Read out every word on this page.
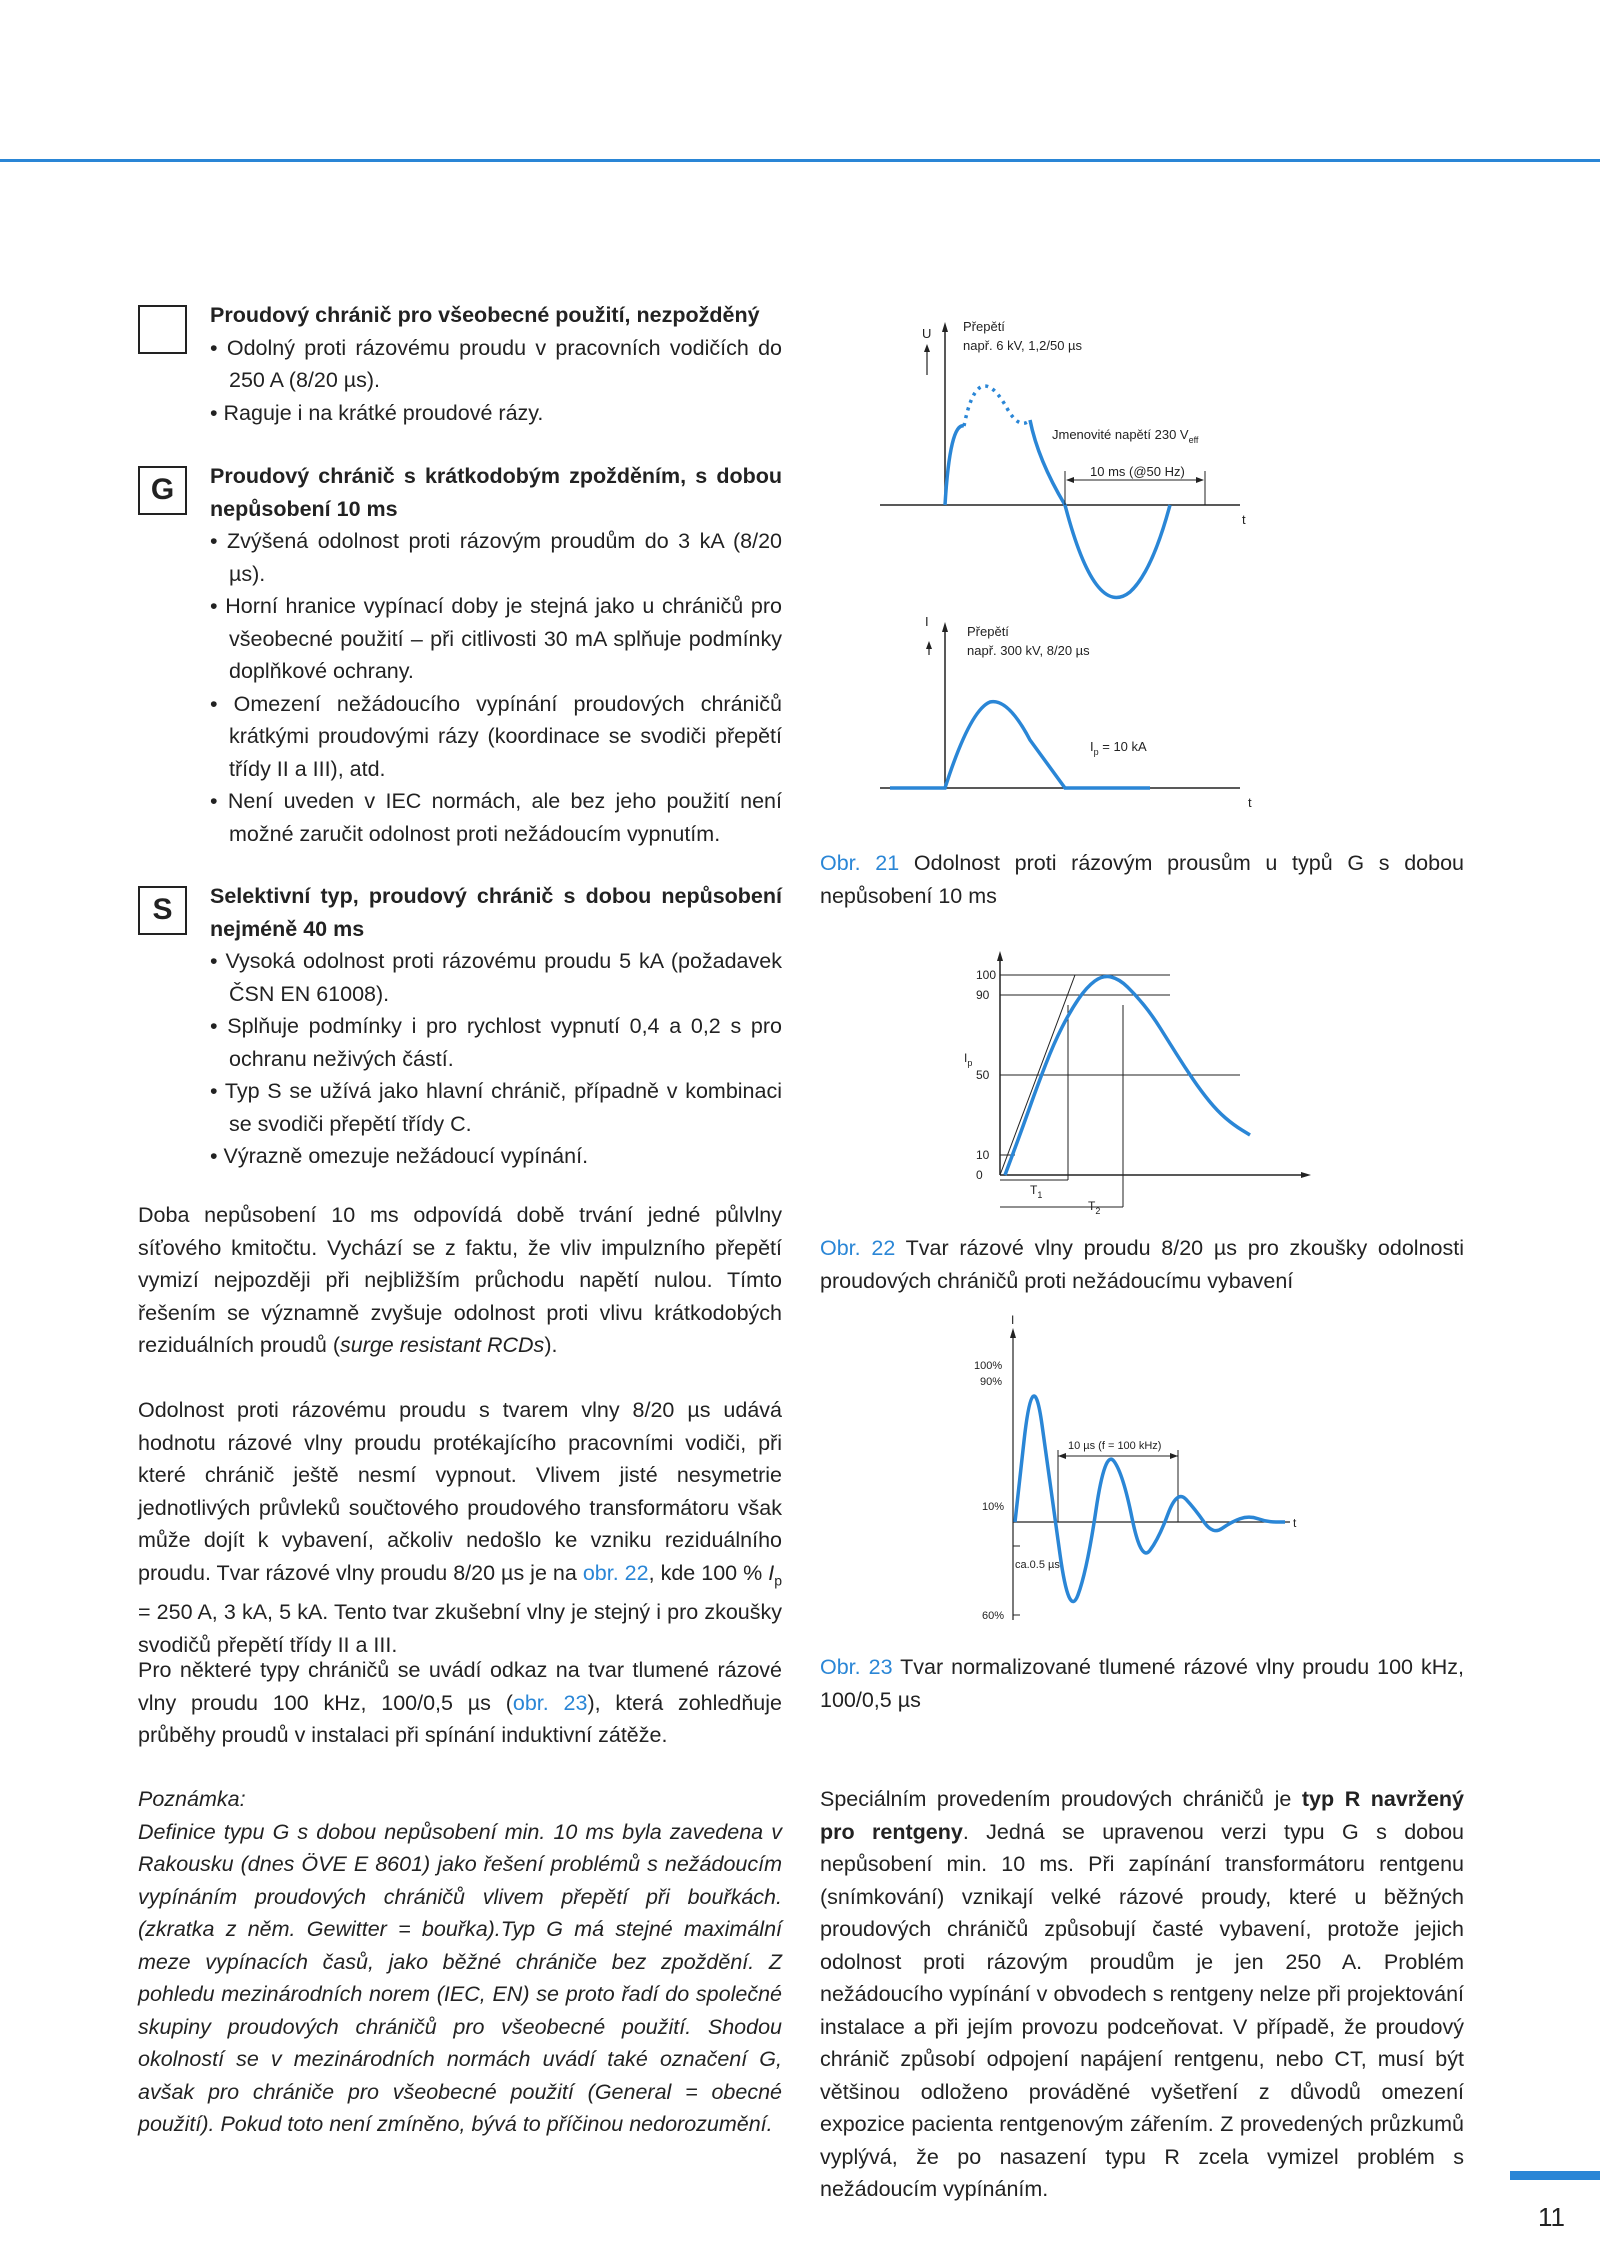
Proudový chránič pro všeobecné použití, nezpožděný
• Odolný proti rázovému proudu v pracovních vodičích do 250 A (8/20 µs).
• Raguje i na krátké proudové rázy.
G	Proudový chránič s krátkodobým zpožděním, s dobou nepůsobení 10 ms
• Zvýšená odolnost proti rázovým proudům do 3 kA (8/20 µs).
• Horní hranice vypínací doby je stejná jako u chráničů pro všeobecné použití – při citlivosti 30 mA splňuje podmínky doplňkové ochrany.
• Omezení nežádoucího vypínání proudových chráničů krátkými proudovými rázy (koordinace se svodiči přepětí třídy II a III), atd.
• Není uveden v IEC normách, ale bez jeho použití není možné zaručit odolnost proti nežádoucím vypnutím.
S	Selektivní typ, proudový chránič s dobou nepůsobení nejméně 40 ms
• Vysoká odolnost proti rázovému proudu 5 kA (požadavek ČSN EN 61008).
• Splňuje podmínky i pro rychlost vypnutí 0,4 a 0,2 s pro ochranu neživých částí.
• Typ S se užívá jako hlavní chránič, případně v kombinaci se svodiči přepětí třídy C.
• Výrazně omezuje nežádoucí vypínání.

Doba nepůsobení 10 ms odpovídá době trvání jedné půlvlny síťového kmitočtu. Vychází se z faktu, že vliv impulzního přepětí vymizí nejpozději při nejbližším průchodu napětí nulou. Tímto řešením se významně zvyšuje odolnost proti vlivu krátkodobých reziduálních proudů (surge resistant RCDs).

Odolnost proti rázovému proudu s tvarem vlny 8/20 µs udává hodnotu rázové vlny proudu protékajícího pracovními vodiči, při které chránič ještě nesmí vypnout. Vlivem jisté nesymetrie jednotlivých průvleků součtového proudového transformátoru však může dojít k vybavení, ačkoliv nedošlo ke vzniku reziduálního proudu. Tvar rázové vlny proudu 8/20 µs je na obr. 22, kde 100 % $I_p = 250$ A, 3 kA, 5 kA. Tento tvar zkušební vlny je stejný i pro zkoušky svodičů přepětí třídy II a III.

Pro některé typy chráničů se uvádí odkaz na tvar tlumené rázové vlny proudu 100 kHz, 100/0,5 µs (obr. 23), která zohledňuje průběhy proudů v instalaci při spínání induktivní zátěže.

Poznámka:

Definice typu G s dobou nepůsobení min. 10 ms byla zavedena v Rakousku (dnes ÖVE E 8601) jako řešení problémů s nežádoucím vypínáním proudových chráničů vlivem přepětí při bouřkách. (zkratka z něm. Gewitter = bouřka).Typ G má stejné maximální meze vypínacích časů, jako běžné chrániče bez zpoždění. Z pohledu mezinárodních norem (IEC, EN) se proto řadí do společné skupiny proudových chráničů pro všeobecné použití. Shodou okolností se v mezinárodních normách uvádí také označení G, avšak pro chrániče pro všeobecné použití (General = obecné použití). Pokud toto není zmíněno, bývá to příčinou nedorozumění.

U Přepětí
např. 6 kV, 1,2/50 µs
Jmenovité napětí 230 $V_{eff}$
t
10 ms (@50 Hz)
I
Přepětí
např. 300 kV, 8/20 µs
$I_p = 10$ kA
t

Obr. 21 Odolnost proti rázovým prousům u typů G s dobou nepůsobení 10 ms

100
90
50
10
0
$I_p$
$T_1$
$T_2$

Obr. 22 Tvar rázové vlny proudu 8/20 µs pro zkoušky odolnosti proudových chráničů proti nežádoucímu vybavení

I
t
100%
90%
10%
60%
10 µs (f = 100 kHz)
ca.0.5 µs

Obr. 23 Tvar normalizované tlumené rázové vlny proudu 100 kHz, 100/0,5 µs

Speciálním provedením proudových chráničů je typ R navržený pro rentgeny. Jedná se upravenou verzi typu G s dobou nepůsobení min. 10 ms. Při zapínání transformátoru rentgenu (snímkování) vznikají velké rázové proudy, které u běžných proudových chráničů způsobují časté vybavení, protože jejich odolnost proti rázovým proudům je jen 250 A. Problém nežádoucího vypínání v obvodech s rentgeny nelze při projektování instalace a při jejím provozu podceňovat. V případě, že proudový chránič způsobí odpojení napájení rentgenu, nebo CT, musí být většinou odloženo prováděné vyšetření z důvodů omezení expozice pacienta rentgenovým zářením. Z provedených průzkumů vyplývá, že po nasazení typu R zcela vymizel problém s nežádoucím vypínáním.

11
